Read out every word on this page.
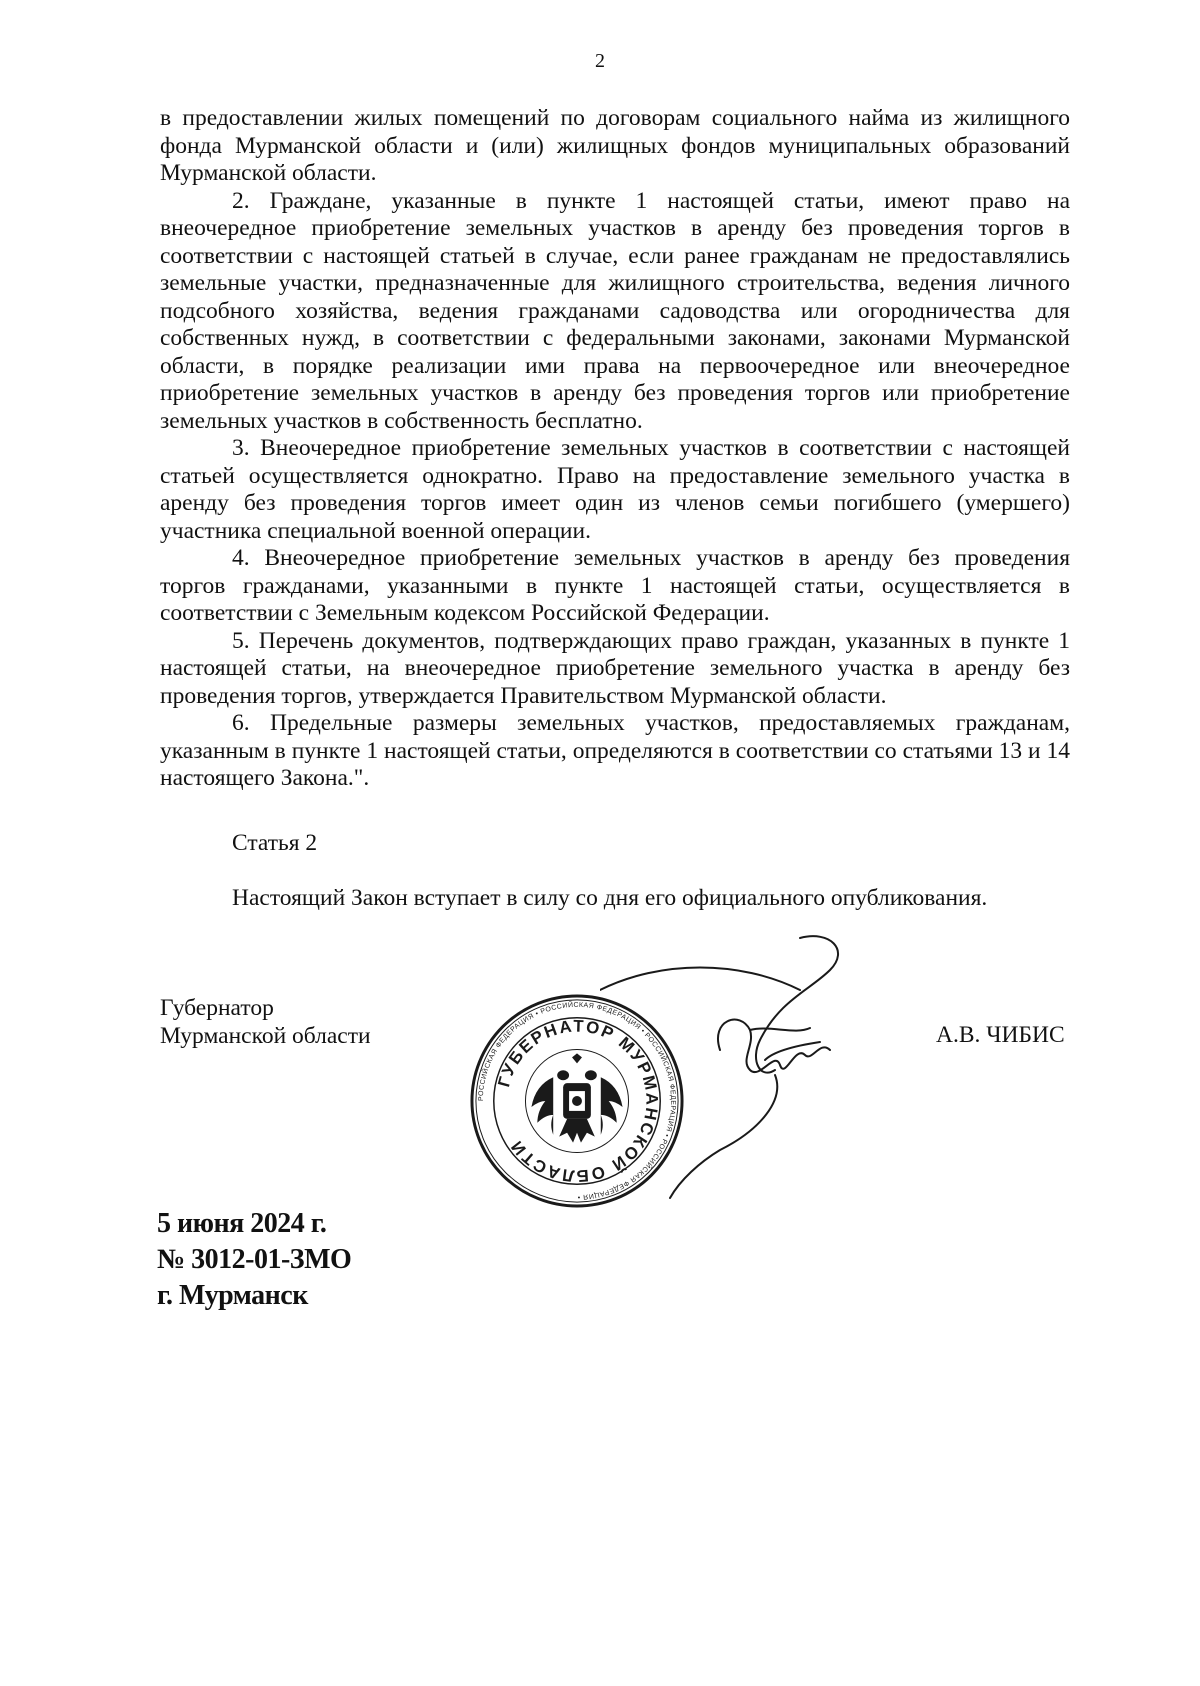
2

в предоставлении жилых помещений по договорам социального найма из жилищного фонда Мурманской области и (или) жилищных фондов муниципальных образований Мурманской области.

2. Граждане, указанные в пункте 1 настоящей статьи, имеют право на внеочередное приобретение земельных участков в аренду без проведения торгов в соответствии с настоящей статьей в случае, если ранее гражданам не предоставлялись земельные участки, предназначенные для жилищного строительства, ведения личного подсобного хозяйства, ведения гражданами садоводства или огородничества для собственных нужд, в соответствии с федеральными законами, законами Мурманской области, в порядке реализации ими права на первоочередное или внеочередное приобретение земельных участков в аренду без проведения торгов или приобретение земельных участков в собственность бесплатно.

3. Внеочередное приобретение земельных участков в соответствии с настоящей статьей осуществляется однократно. Право на предоставление земельного участка в аренду без проведения торгов имеет один из членов семьи погибшего (умершего) участника специальной военной операции.

4. Внеочередное приобретение земельных участков в аренду без проведения торгов гражданами, указанными в пункте 1 настоящей статьи, осуществляется в соответствии с Земельным кодексом Российской Федерации.

5. Перечень документов, подтверждающих право граждан, указанных в пункте 1 настоящей статьи, на внеочередное приобретение земельного участка в аренду без проведения торгов, утверждается Правительством Мурманской области.

6. Предельные размеры земельных участков, предоставляемых гражданам, указанным в пункте 1 настоящей статьи, определяются в соответствии со статьями 13 и 14 настоящего Закона.".

Статья 2
Настоящий Закон вступает в силу со дня его официального опубликования.
Губернатор
Мурманской области
РОССИЙСКАЯ ФЕДЕРАЦИЯ • РОССИЙСКАЯ ФЕДЕРАЦИЯ • РОССИЙСКАЯ ФЕДЕРАЦИЯ • РОССИЙСКАЯ ФЕДЕРАЦИЯ •
ГУБЕРНАТОР МУРМАНСКОЙ ОБЛАСТИ
А.В. ЧИБИС
5 июня 2024 г.
№ 3012-01-ЗМО
г. Мурманск
